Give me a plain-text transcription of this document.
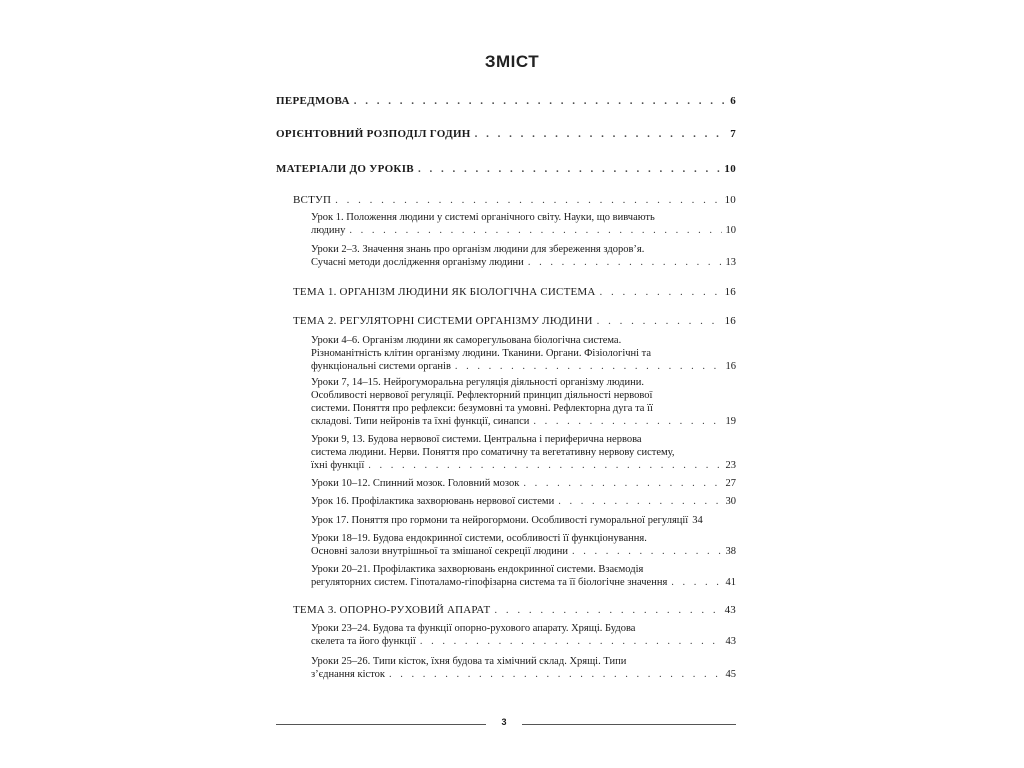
ЗМІСТ
ПЕРЕДМОВА . . .	6
ОРІЄНТОВНИЙ РОЗПОДІЛ ГОДИН . . .	7
МАТЕРІАЛИ ДО УРОКІВ . . .	10
ВСТУП . . .	10
Урок 1. Положення людини у системі органічного світу. Науки, що вивчають
людину . . .	10
Уроки 2–3. Значення знань про організм людини для збереження здоров’я.
Сучасні методи дослідження організму людини . . .	13
ТЕМА 1. ОРГАНІЗМ ЛЮДИНИ ЯК БІОЛОГІЧНА СИСТЕМА . . .	16
ТЕМА 2. РЕГУЛЯТОРНІ СИСТЕМИ ОРГАНІЗМУ ЛЮДИНИ . . .	16
Уроки 4–6. Організм людини як саморегульована біологічна система.
Різноманітність клітин організму людини. Тканини. Органи. Фізіологічні та
функціональні системи органів . . .	16
Уроки 7, 14–15. Нейрогуморальна регуляція діяльності організму людини.
Особливості нервової регуляції. Рефлекторний принцип діяльності нервової
системи. Поняття про рефлекси: безумовні та умовні. Рефлекторна дуга та її
складові. Типи нейронів та їхні функції, синапси . . .	19
Уроки 9, 13. Будова нервової системи. Центральна і периферична нервова
система людини. Нерви. Поняття про соматичну та вегетативну нервову систему,
їхні функції . . .	23
Уроки 10–12. Спинний мозок. Головний мозок . . .	27
Урок 16. Профілактика захворювань нервової системи . . .	30
Урок 17. Поняття про гормони та нейрогормони. Особливості гуморальної регуляції 34
Уроки 18–19. Будова ендокринної системи, особливості її функціонування.
Основні залози внутрішньої та змішаної секреції людини . . .	38
Уроки 20–21. Профілактика захворювань ендокринної системи. Взаємодія
регуляторних систем. Гіпоталамо-гіпофізарна система та її біологічне значення . . .	41
ТЕМА 3. ОПОРНО-РУХОВИЙ АПАРАТ . . .	43
Уроки 23–24. Будова та функції опорно-рухового апарату. Хрящі. Будова
скелета та його функції . . .	43
Уроки 25–26. Типи кісток, їхня будова та хімічний склад. Хрящі. Типи
з’єднання кісток . . .	45
3
